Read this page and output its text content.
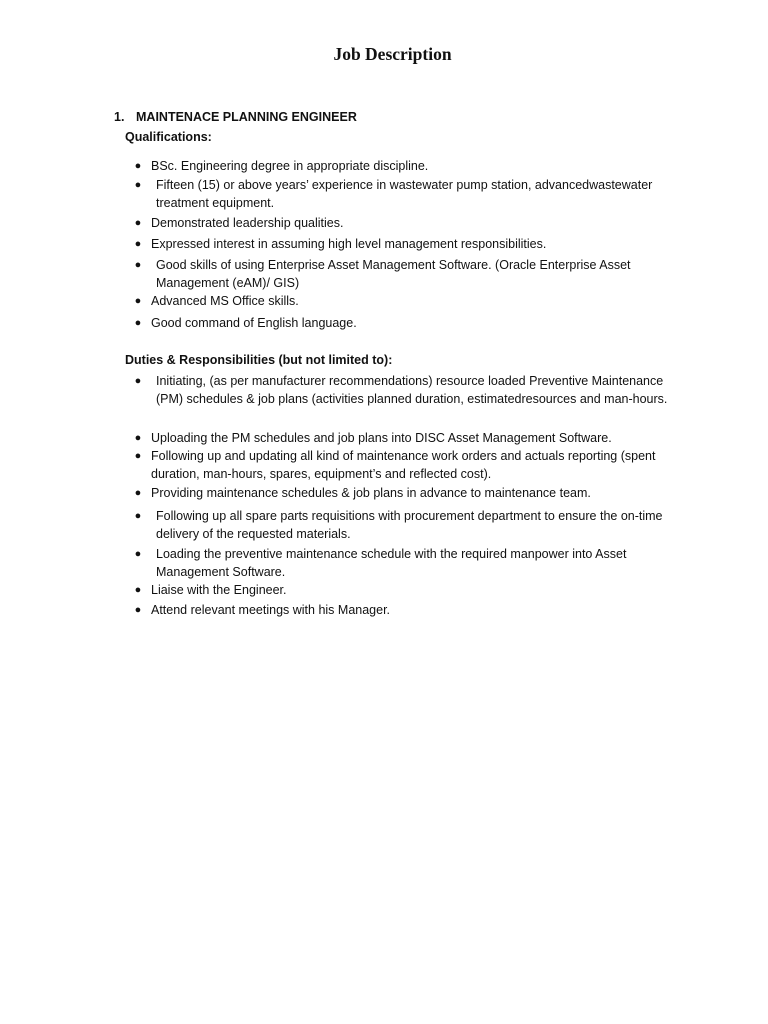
Job Description
1. MAINTENACE PLANNING ENGINEER
Qualifications:
● BSc. Engineering degree in appropriate discipline.
● Fifteen (15) or above years’ experience in wastewater pump station, advancedwastewater treatment equipment.
● Demonstrated leadership qualities.
● Expressed interest in assuming high level management responsibilities.
● Good skills of using Enterprise Asset Management Software. (Oracle Enterprise Asset Management (eAM)/ GIS)
● Advanced MS Office skills.
● Good command of English language.
Duties & Responsibilities (but not limited to):
● Initiating, (as per manufacturer recommendations) resource loaded Preventive Maintenance (PM) schedules & job plans (activities planned duration, estimatedresources and man-hours.
● Uploading the PM schedules and job plans into DISC Asset Management Software.
● Following up and updating all kind of maintenance work orders and actuals reporting (spent duration, man-hours, spares, equipment’s and reflected cost).
● Providing maintenance schedules & job plans in advance to maintenance team.
● Following up all spare parts requisitions with procurement department to ensure the on-time delivery of the requested materials.
● Loading the preventive maintenance schedule with the required manpower into Asset Management Software.
● Liaise with the Engineer.
● Attend relevant meetings with his Manager.
